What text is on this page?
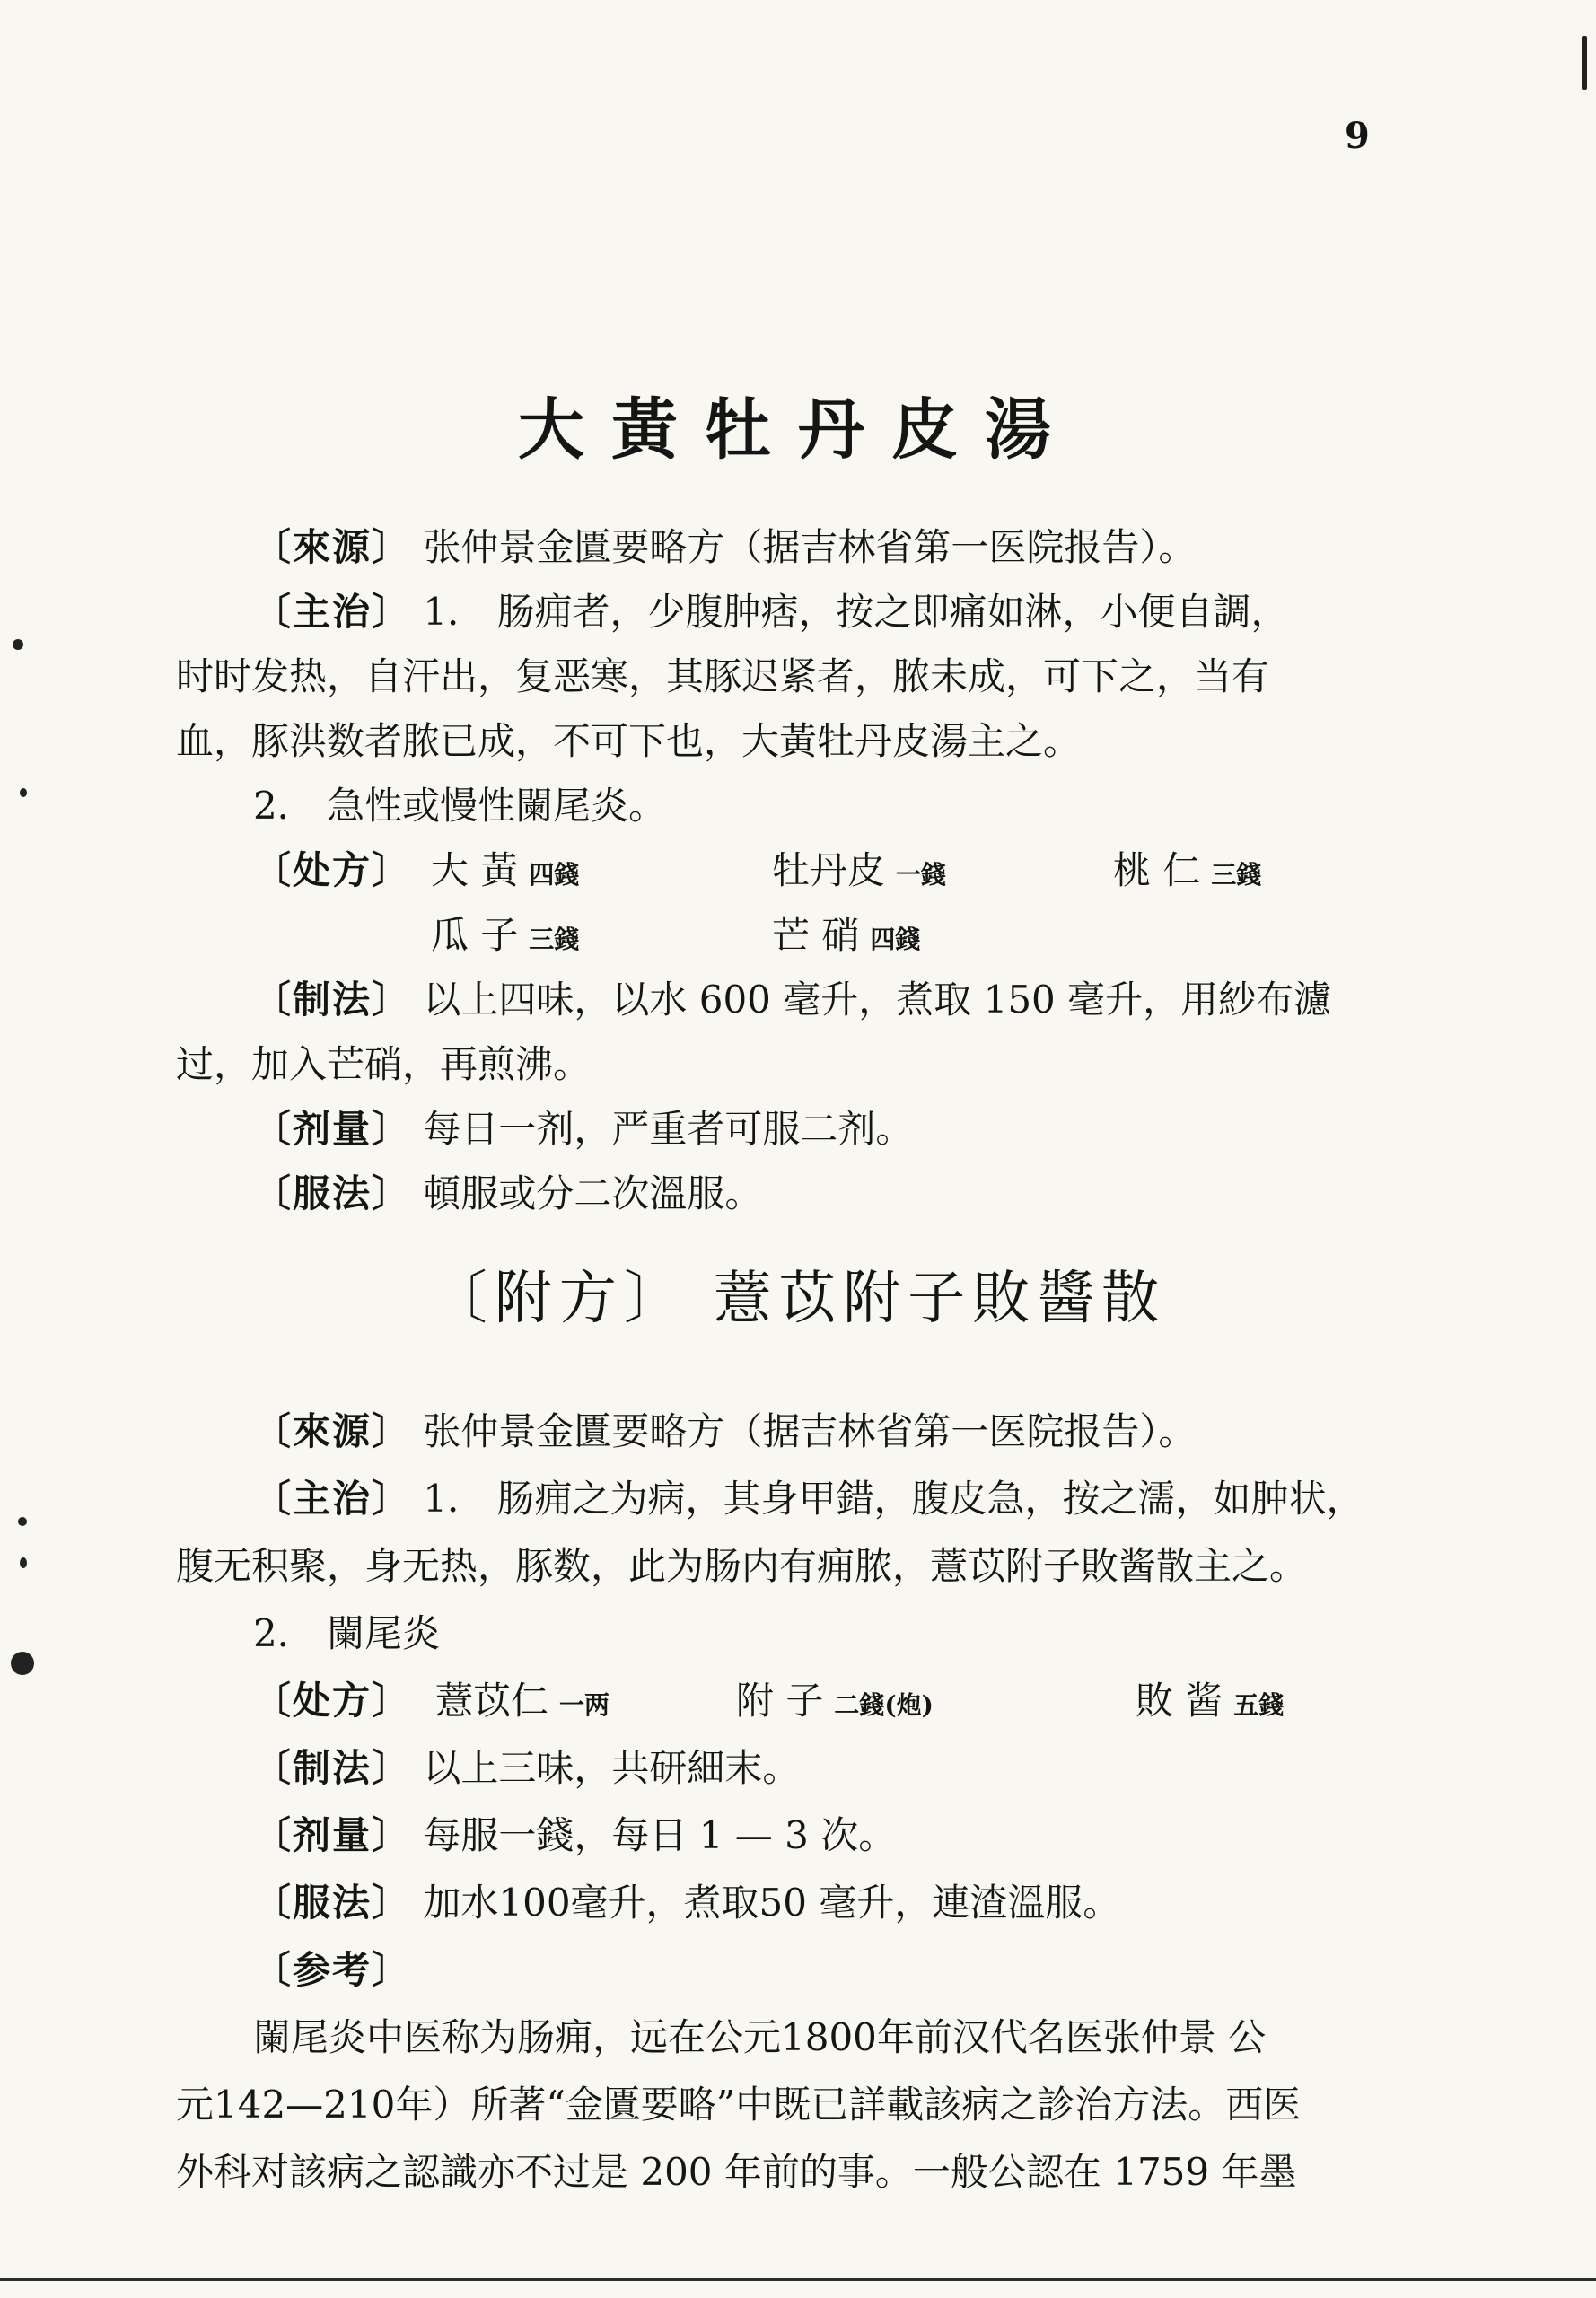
9
大黃牡丹皮湯
〔來源〕 张仲景金匱要略方（据吉林省第一医院报告）。
〔主治〕 1． 肠痈者，少腹肿痞，按之即痛如淋，小便自調，
时时发热，自汗出，复恶寒，其豚迟紧者，脓未成，可下之，当有
血，豚洪数者脓已成，不可下也，大黃牡丹皮湯主之。
2． 急性或慢性闌尾炎。
〔处方〕 大 黃 四錢	牡丹皮 一錢	桃 仁 三錢
瓜 子 三錢	芒 硝 四錢
〔制法〕 以上四味，以水 600 毫升，煮取 150 毫升，用紗布濾
过，加入芒硝，再煎沸。
〔剂量〕 每日一剂，严重者可服二剂。
〔服法〕 頓服或分二次溫服。
〔附方〕 薏苡附子敗醬散
〔來源〕 张仲景金匱要略方（据吉林省第一医院报告）。
〔主治〕 1． 肠痈之为病，其身甲錯，腹皮急，按之濡，如肿状，
腹无积聚，身无热，豚数，此为肠内有痈脓，薏苡附子敗酱散主之。
2． 闌尾炎
〔处方〕 薏苡仁 一两	附 子 二錢(炮)	敗 酱 五錢
〔制法〕 以上三味，共研細末。
〔剂量〕 每服一錢，每日 1 — 3 次。
〔服法〕 加水100毫升，煮取50 毫升，連渣溫服。
〔参考〕
闌尾炎中医称为肠痈，远在公元1800年前汉代名医张仲景 公
元142—210年）所著“金匱要略”中既已詳載該病之診治方法。西医
外科对該病之認識亦不过是 200 年前的事。一般公認在 1759 年墨
